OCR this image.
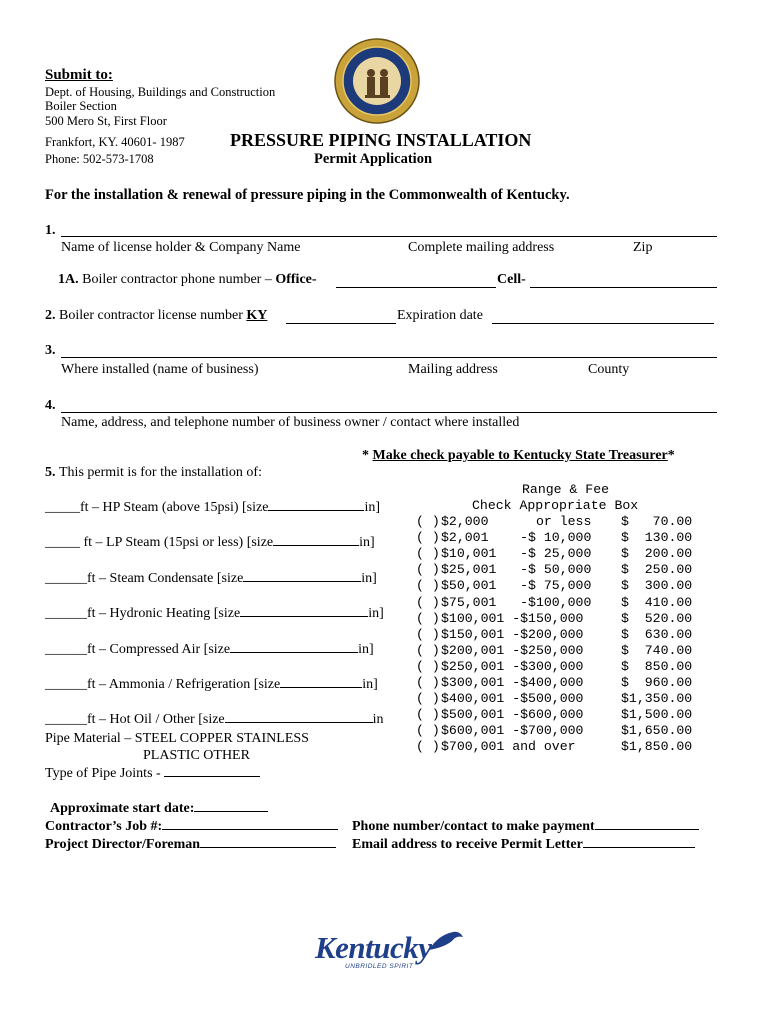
Submit to:
Dept. of Housing, Buildings and Construction
Boiler Section
500 Mero St, First Floor
Frankfort, KY. 40601- 1987
Phone: 502-573-1708
PRESSURE PIPING INSTALLATION
Permit Application
For the installation & renewal of pressure piping in the Commonwealth of Kentucky.
1.
Name of license holder & Company Name	Complete mailing address	Zip
1A. Boiler contractor phone number – Office-	Cell-
2. Boiler contractor license number KY	Expiration date
3.
Where installed (name of business)	Mailing address	County
4.
Name, address, and telephone number of business owner / contact where installed
* Make check payable to Kentucky State Treasurer*
5. This permit is for the installation of:
_____ft – HP Steam (above 15psi) [size	in]
_____ ft – LP Steam (15psi or less) [size	in]
______ft – Steam Condensate [size	in]
______ft – Hydronic Heating [size	in]
______ft – Compressed Air [size	in]
______ft – Ammonia / Refrigeration [size	in]
______ft – Hot Oil / Other [size	in
Pipe Material – STEEL COPPER STAINLESS
PLASTIC OTHER
Type of Pipe Joints -
Range & Fee
Check Appropriate Box
( ) $2,000      or less $   70.00
( ) $2,001    -$ 10,000 $  130.00
( ) $10,001   -$ 25,000 $  200.00
( ) $25,001   -$ 50,000 $  250.00
( ) $50,001   -$ 75,000 $  300.00
( ) $75,001   -$100,000 $  410.00
( ) $100,001 -$150,000	$  520.00
( ) $150,001 -$200,000	$  630.00
( ) $200,001 -$250,000	$  740.00
( ) $250,001 -$300,000	$  850.00
( ) $300,001 -$400,000	$  960.00
( ) $400,001 -$500,000	$1,350.00
( ) $500,001 -$600,000	$1,500.00
( ) $600,001 -$700,000	$1,650.00
( ) $700,001 and over	$1,850.00
Approximate start date:
Contractor’s Job #:	Phone number/contact to make payment
Project Director/Foreman	Email address to receive Permit Letter
Kentucky
UNBRIDLED SPIRIT
